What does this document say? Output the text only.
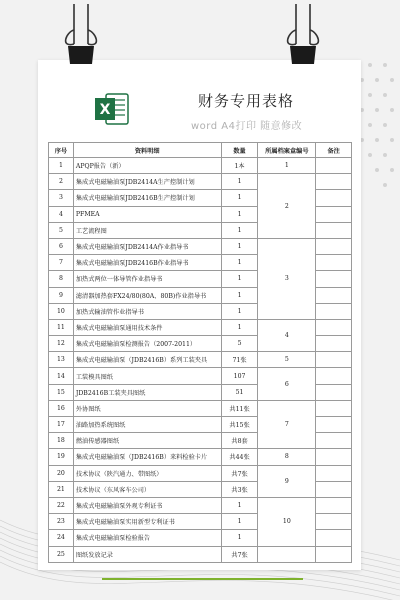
X	财务专用表格
word A4打印 随意修改
序号	资料明细	数量	所属档案盒编号	备注
1	APQP报告（新）	1本	1	
2	集成式电磁输油泵JDB2414A生产控制计划	1	2	
3	集成式电磁输油泵JDB2416B生产控制计划	1		
4	PFMEA	1		
5	工艺流程图	1		
6	集成式电磁输油泵JDB2414A作业指导书	1	3	
7	集成式电磁输油泵JDB2416B作业指导书	1		
8	加热式两位一体导管作业指导书	1		
9	滤清器加热套FX24/80(80A、80B)作业指导书	1		
10	加热式输油管作业指导书	1		
11	集成式电磁输油泵通用技术条件	1	4	
12	集成式电磁输油泵检测报告（2007-2011）	5		
13	集成式电磁输油泵（JDB2416B）系列工装夹具	71张	5	
14	工装模具图纸	107	6	
15	JDB2416B工装夹具图纸	51		
16	外协图纸	共11张	7	
17	油路加热系统图纸	共15张		
18	燃油传感器图纸	共8套		
19	集成式电磁输油泵（JDB2416B）来料检验卡片	共44张	8	
20	技术协议（陕汽通力、带图纸）	共7张	9	
21	技术协议（东风客车公司）	共3张		
22	集成式电磁输油泵外观专利证书	1	10	
23	集成式电磁输油泵实用新型专利证书	1		
24	集成式电磁输油泵检验报告	1		
25	图纸发放记录	共7张		
